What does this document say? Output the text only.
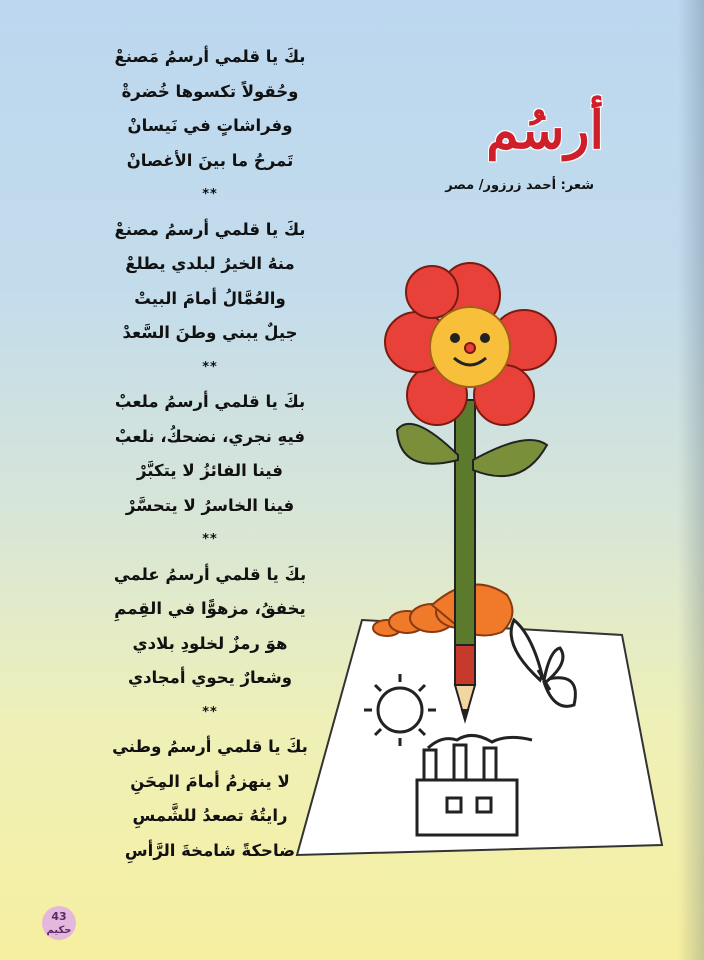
بكَ يا قلمي أرسمُ مَصنعْ
وحُقولاً تكسوها خُضرةْ
وفراشاتٍ في نَيسانْ
تَمرحُ ما بينَ الأغصانْ
**
بكَ يا قلمي أرسمُ مصنعْ
منهُ الخيرُ لبلدي يطلعْ
والعُمَّالُ أمامَ البيتْ
جيلٌ يبني وطنَ السَّعدْ
**
بكَ يا قلمي أرسمُ ملعبْ
فيهِ نجري، نضحكُ، نلعبْ
فينا الفائزُ لا يتكبَّرْ
فينا الخاسرُ لا يتحسَّرْ
**
بكَ يا قلمي أرسمُ علمي
يخفقُ، مزهوًّا في القِممِ
هوَ رمزٌ لخلودِ بلادي
وشعارٌ يحوي أمجادي
**
بكَ يا قلمي أرسمُ وطني
لا ينهزمُ أمامَ المِحَنِ
رايتُهُ تصعدُ للشَّمسِ
ضاحكةً شامخةَ الرَّأسِ
أرسُم
شعر: أحمد زرزور/ مصر
43
حكيم
